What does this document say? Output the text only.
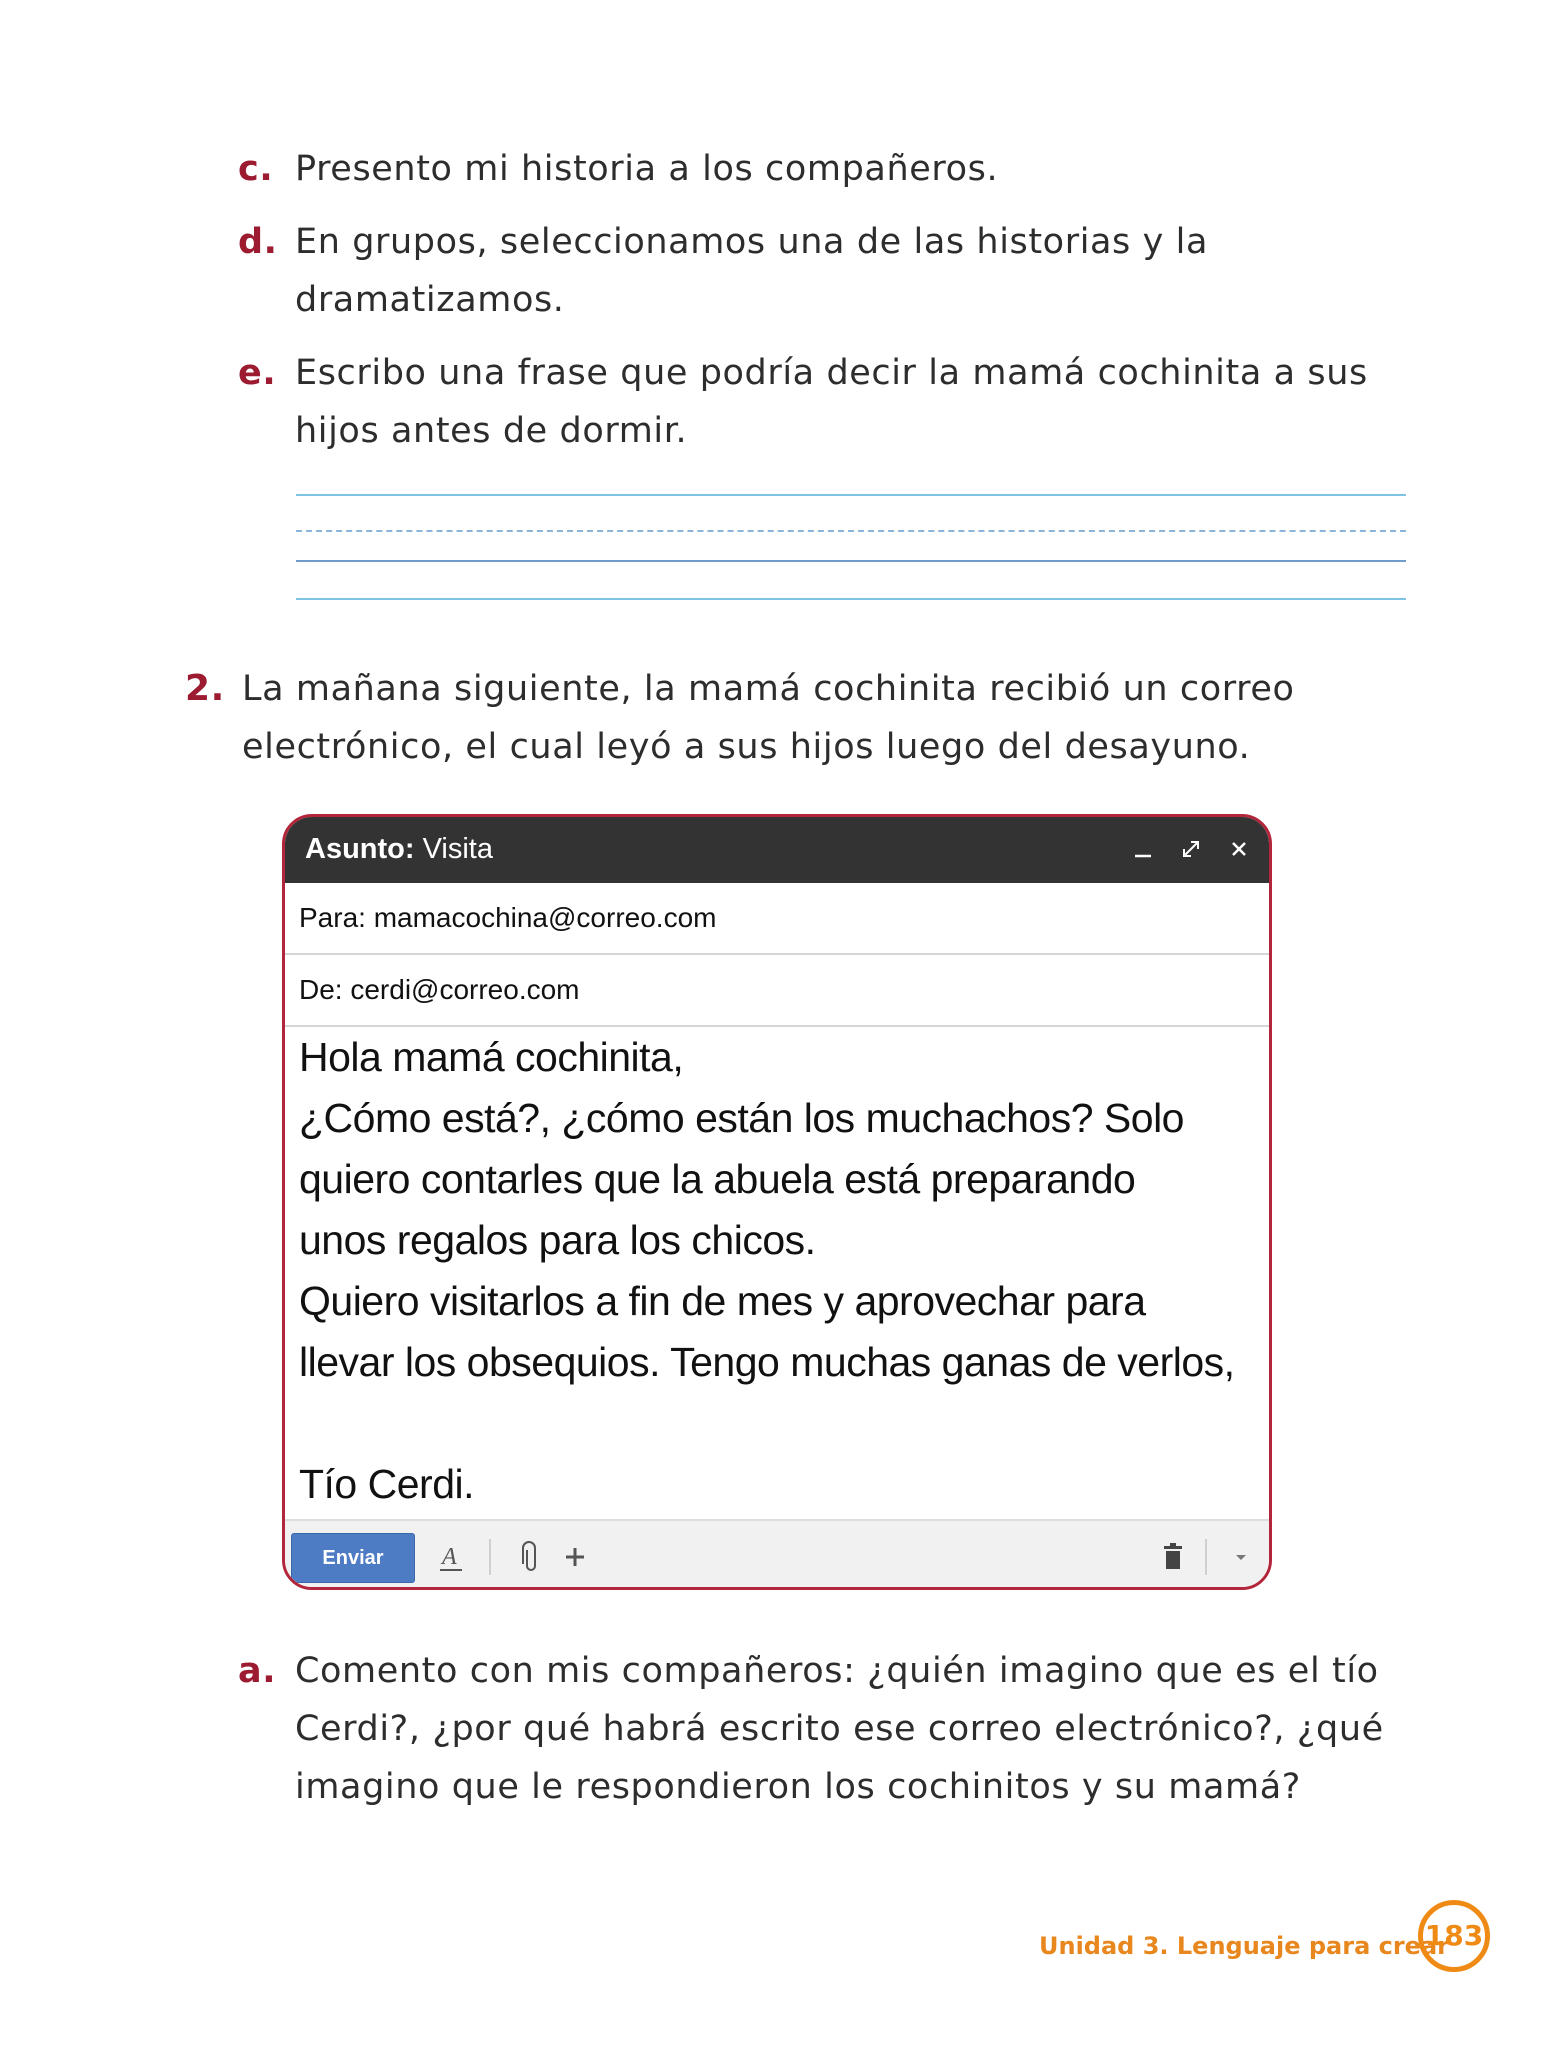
c. Presento mi historia a los compañeros.
d. En grupos, seleccionamos una de las historias y la dramatizamos.
e. Escribo una frase que podría decir la mamá cochinita a sus hijos antes de dormir.
2. La mañana siguiente, la mamá cochinita recibió un correo electrónico, el cual leyó a sus hijos luego del desayuno.
Asunto: Visita
Para: mamacochina@correo.com
De: cerdi@correo.com
Hola mamá cochinita,
¿Cómo está?, ¿cómo están los muchachos? Solo
quiero contarles que la abuela está preparando
unos regalos para los chicos.
Quiero visitarlos a fin de mes y aprovechar para
llevar los obsequios. Tengo muchas ganas de verlos,
Tío Cerdi.
Enviar	A
a. Comento con mis compañeros: ¿quién imagino que es el tío Cerdi?, ¿por qué habrá escrito ese correo electrónico?, ¿qué imagino que le respondieron los cochinitos y su mamá?
Unidad 3. Lenguaje para crear
183
